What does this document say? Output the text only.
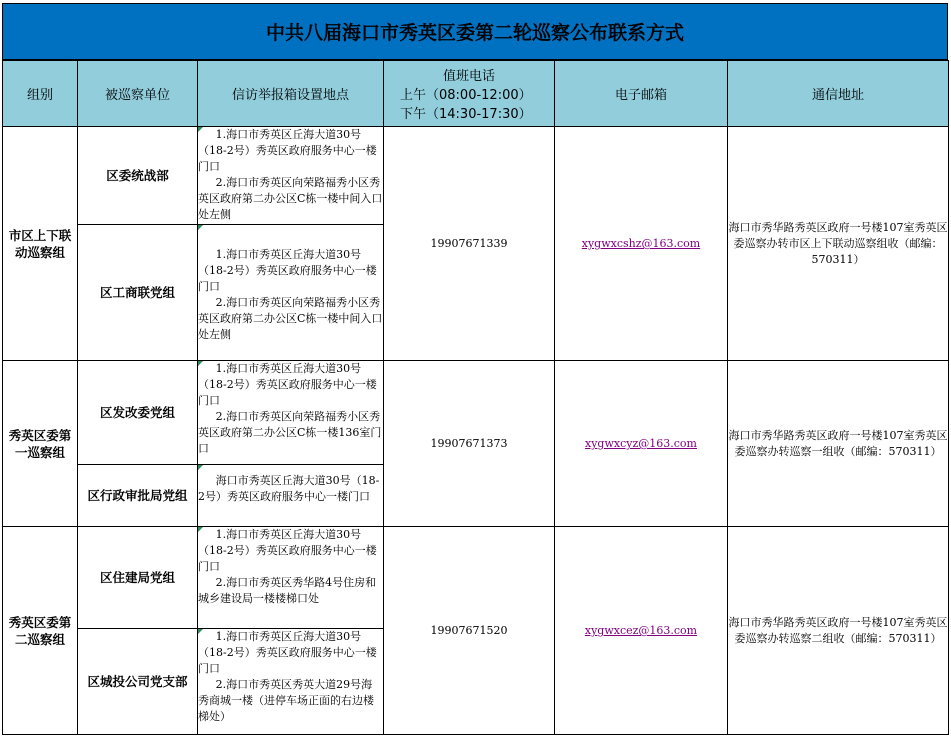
中共八届海口市秀英区委第二轮巡察公布联系方式
组别	被巡察单位	信访举报箱设置地点	值班电话
上午（08:00-12:00）
下午（14:30-17:30）	电子邮箱	通信地址
市区上下联动巡察组	区委统战部	1.海口市秀英区丘海大道30号（18-2号）秀英区政府服务中心一楼门口
2.海口市秀英区向荣路福秀小区秀英区政府第二办公区C栋一楼中间入口处左侧	19907671339	xygwxcshz@163.com	海口市秀华路秀英区政府一号楼107室秀英区委巡察办转市区上下联动巡察组收（邮编：570311）
	区工商联党组	1.海口市秀英区丘海大道30号（18-2号）秀英区政府服务中心一楼门口
2.海口市秀英区向荣路福秀小区秀英区政府第二办公区C栋一楼中间入口处左侧			

秀英区委第一巡察组	区发改委党组	1.海口市秀英区丘海大道30号（18-2号）秀英区政府服务中心一楼门口
2.海口市秀英区向荣路福秀小区秀英区政府第二办公区C栋一楼136室门口	19907671373	xygwxcyz@163.com	海口市秀华路秀英区政府一号楼107室秀英区委巡察办转巡察一组收（邮编：570311）
	区行政审批局党组	海口市秀英区丘海大道30号（18-2号）秀英区政府服务中心一楼门口			

秀英区委第二巡察组	区住建局党组	1.海口市秀英区丘海大道30号（18-2号）秀英区政府服务中心一楼门口
2.海口市秀英区秀华路4号住房和城乡建设局一楼楼梯口处	19907671520	xygwxcez@163.com	海口市秀华路秀英区政府一号楼107室秀英区委巡察办转巡察二组收（邮编：570311）
	区城投公司党支部	1.海口市秀英区丘海大道30号（18-2号）秀英区政府服务中心一楼门口
2.海口市秀英区秀英大道29号海秀商城一楼（进停车场正面的右边楼梯处）			
